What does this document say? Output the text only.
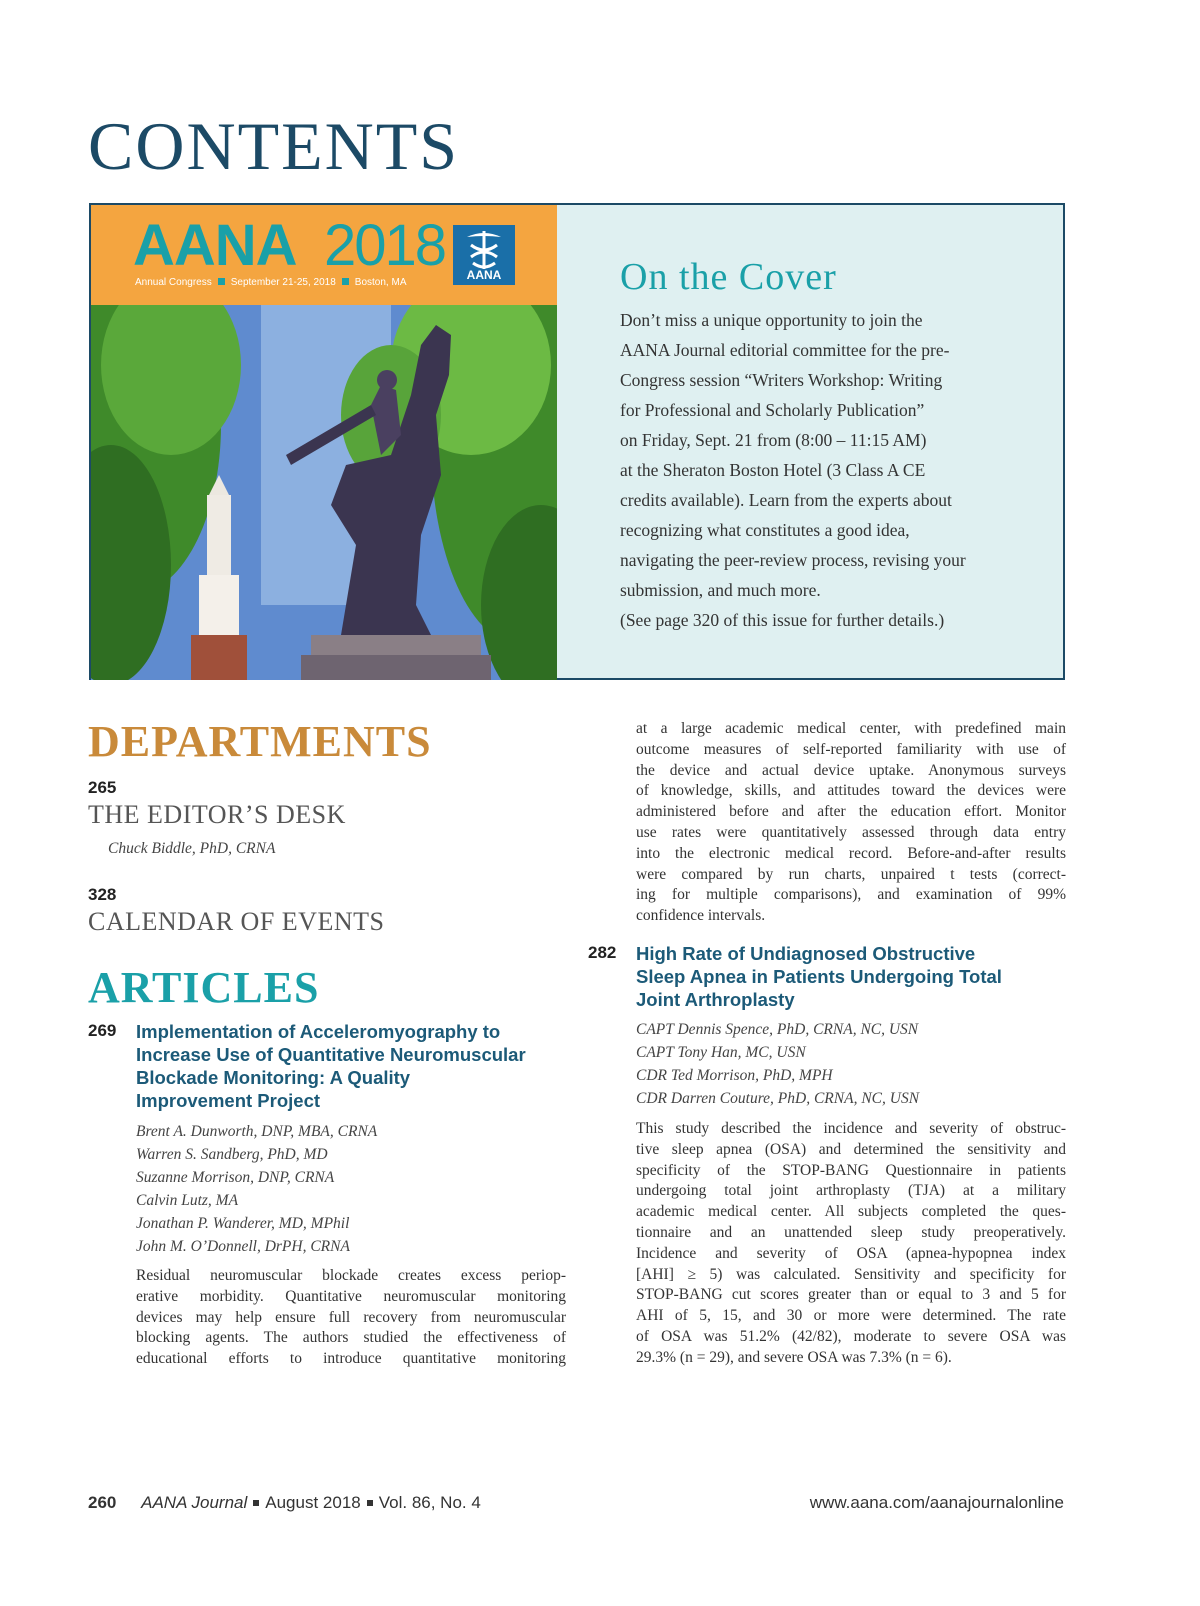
CONTENTS
AANA 2018
Annual Congress September 21-25, 2018 Boston, MA
AANA	On the Cover
Don’t miss a unique opportunity to join the
AANA Journal editorial committee for the pre-
Congress session “Writers Workshop: Writing
for Professional and Scholarly Publication”
on Friday, Sept. 21 from (8:00 – 11:15 AM)
at the Sheraton Boston Hotel (3 Class A CE
credits available). Learn from the experts about
recognizing what constitutes a good idea,
navigating the peer-review process, revising your
submission, and much more.
(See page 320 of this issue for further details.)
DEPARTMENTS
265
THE EDITOR’S DESK
Chuck Biddle, PhD, CRNA
328
CALENDAR OF EVENTS
ARTICLES
269 Implementation of Acceleromyography to
Increase Use of Quantitative Neuromuscular
Blockade Monitoring: A Quality
Improvement Project
Brent A. Dunworth, DNP, MBA, CRNA
Warren S. Sandberg, PhD, MD
Suzanne Morrison, DNP, CRNA
Calvin Lutz, MA
Jonathan P. Wanderer, MD, MPhil
John M. O’Donnell, DrPH, CRNA
Residual neuromuscular blockade creates excess periop-
erative morbidity. Quantitative neuromuscular monitoring
devices may help ensure full recovery from neuromuscular
blocking agents. The authors studied the effectiveness of
educational efforts to introduce quantitative monitoring
at a large academic medical center, with predefined main
outcome measures of self-reported familiarity with use of
the device and actual device uptake. Anonymous surveys
of knowledge, skills, and attitudes toward the devices were
administered before and after the education effort. Monitor
use rates were quantitatively assessed through data entry
into the electronic medical record. Before-and-after results
were compared by run charts, unpaired t tests (correct-
ing for multiple comparisons), and examination of 99%
confidence intervals.
282 High Rate of Undiagnosed Obstructive
Sleep Apnea in Patients Undergoing Total
Joint Arthroplasty
CAPT Dennis Spence, PhD, CRNA, NC, USN
CAPT Tony Han, MC, USN
CDR Ted Morrison, PhD, MPH
CDR Darren Couture, PhD, CRNA, NC, USN
This study described the incidence and severity of obstruc-
tive sleep apnea (OSA) and determined the sensitivity and
specificity of the STOP-BANG Questionnaire in patients
undergoing total joint arthroplasty (TJA) at a military
academic medical center. All subjects completed the ques-
tionnaire and an unattended sleep study preoperatively.
Incidence and severity of OSA (apnea-hypopnea index
[AHI] ≥ 5) was calculated. Sensitivity and specificity for
STOP-BANG cut scores greater than or equal to 3 and 5 for
AHI of 5, 15, and 30 or more were determined. The rate
of OSA was 51.2% (42/82), moderate to severe OSA was
29.3% (n = 29), and severe OSA was 7.3% (n = 6).
260 AANA Journal August 2018 Vol. 86, No. 4	www.aana.com/aanajournalonline
